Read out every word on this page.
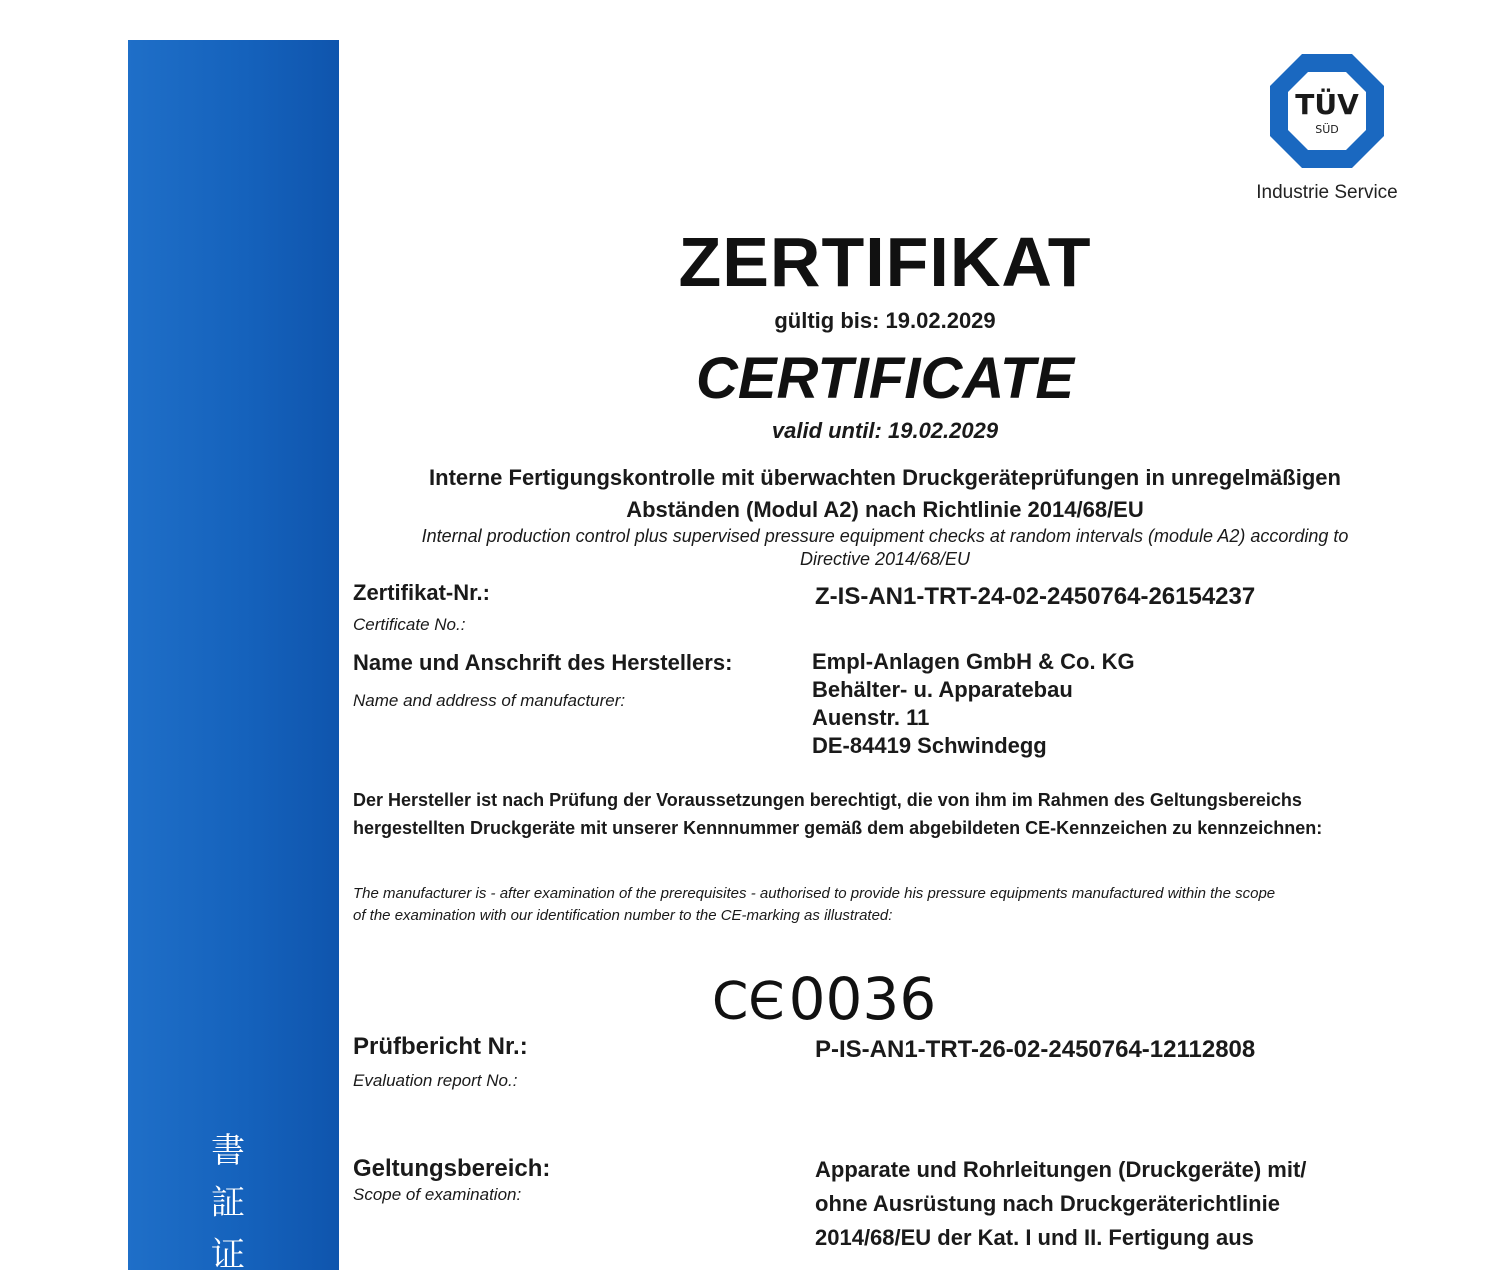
書
証
证
TÜV
SÜD
Industrie Service
ZERTIFIKAT
gültig bis: 19.02.2029
CERTIFICATE
valid until: 19.02.2029
Interne Fertigungskontrolle mit überwachten Druckgeräteprüfungen in unregelmäßigen
Abständen (Modul A2) nach Richtlinie 2014/68/EU
Internal production control plus supervised pressure equipment checks at random intervals (module A2) according to
Directive 2014/68/EU
Zertifikat-Nr.:
Certificate No.:
Z-IS-AN1-TRT-24-02-2450764-26154237
Name und Anschrift des Herstellers:
Name and address of manufacturer:
Empl-Anlagen GmbH & Co. KG
Behälter- u. Apparatebau
Auenstr. 11
DE-84419 Schwindegg
Der Hersteller ist nach Prüfung der Voraussetzungen berechtigt, die von ihm im Rahmen des Geltungsbereichs
hergestellten Druckgeräte mit unserer Kennnummer gemäß dem abgebildeten CE-Kennzeichen zu kennzeichnen:
The manufacturer is - after examination of the prerequisites - authorised to provide his pressure equipments manufactured within the scope
of the examination with our identification number to the CE-marking as illustrated:
CЄ0036
Prüfbericht Nr.:
Evaluation report No.:
P-IS-AN1-TRT-26-02-2450764-12112808
Geltungsbereich:
Scope of examination:
Apparate und Rohrleitungen (Druckgeräte) mit/
ohne Ausrüstung nach Druckgeräterichtlinie
2014/68/EU der Kat. I und II. Fertigung aus
